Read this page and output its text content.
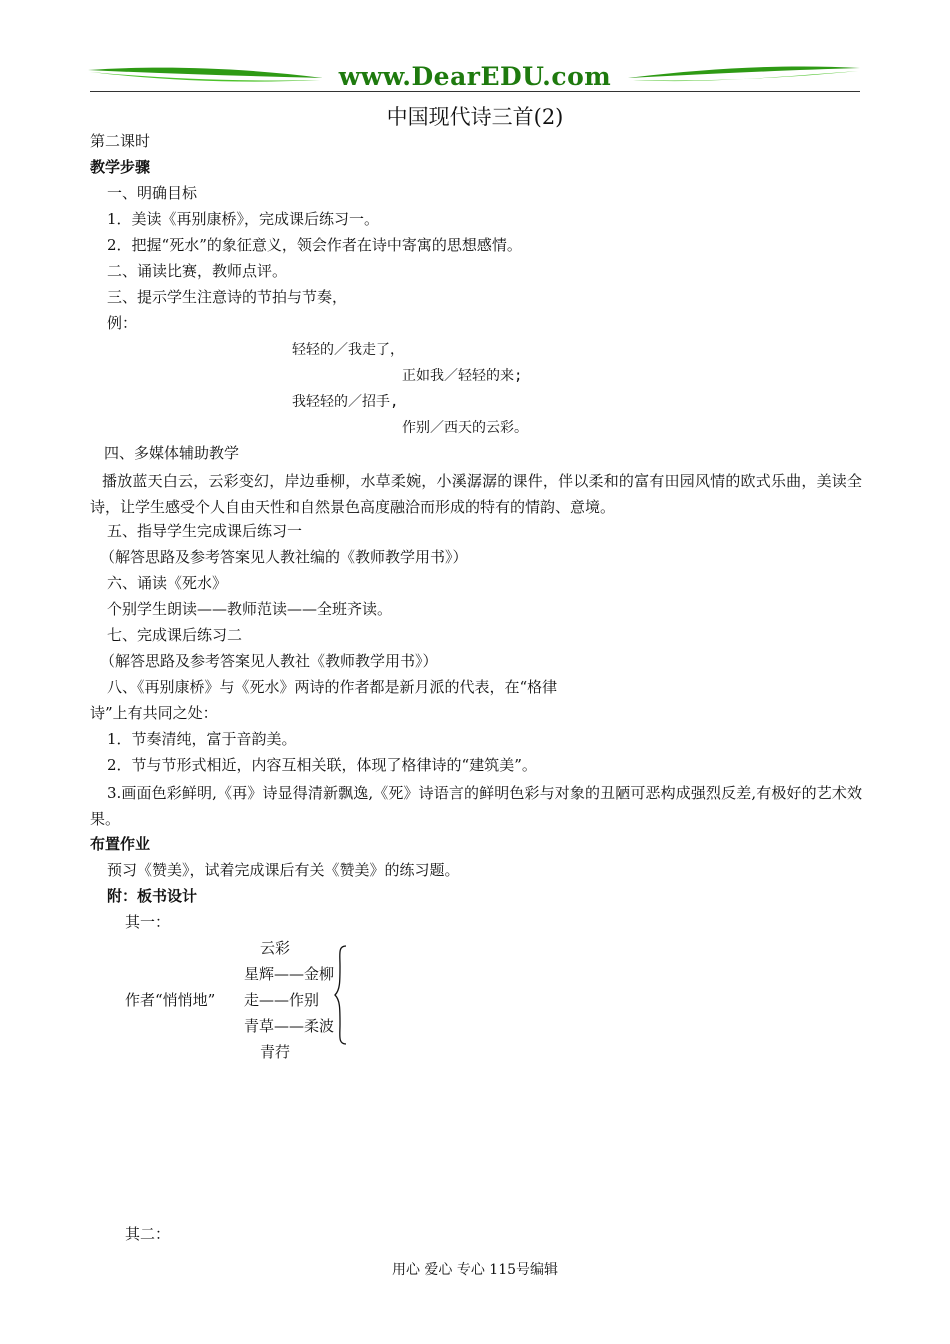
www.DearEDU.com
中国现代诗三首(2)
第二课时
教学步骤
一、明确目标
1．美读《再别康桥》，完成课后练习一。
2．把握“死水”的象征意义，领会作者在诗中寄寓的思想感情。
二、诵读比赛，教师点评。
三、提示学生注意诗的节拍与节奏，
例：
轻轻的／我走了，
正如我／轻轻的来;
我轻轻的／招手,
作别／西天的云彩。
四、多媒体辅助教学
播放蓝天白云，云彩变幻，岸边垂柳，水草柔婉，小溪潺潺的课件，伴以柔和的富有田园风情的欧式乐曲，美读全诗，让学生感受个人自由天性和自然景色高度融洽而形成的特有的情韵、意境。
五、指导学生完成课后练习一
（解答思路及参考答案见人教社编的《教师教学用书》）
六、诵读《死水》
个别学生朗读——教师范读——全班齐读。
七、完成课后练习二
（解答思路及参考答案见人教社《教师教学用书》）
八、《再别康桥》与《死水》两诗的作者都是新月派的代表，在“格律
诗”上有共同之处：
1．节奏清纯，富于音韵美。
2．节与节形式相近，内容互相关联，体现了格律诗的“建筑美”。
3.画面色彩鲜明,《再》诗显得清新飘逸,《死》诗语言的鲜明色彩与对象的丑陋可恶构成强烈反差,有极好的艺术效果。
布置作业
预习《赞美》，试着完成课后有关《赞美》的练习题。
附：板书设计
其一：
云彩
星辉——金柳
作者“悄悄地” 走——作别
青草——柔波
青荇
其二：
用心 爱心 专心 115号编辑
